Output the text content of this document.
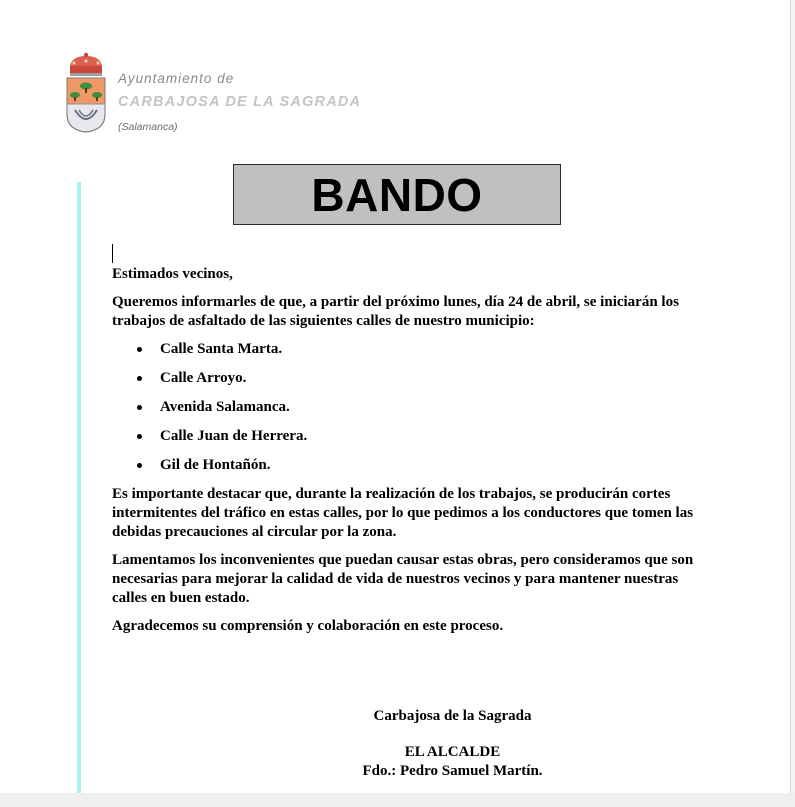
Ayuntamiento de
CARBAJOSA DE LA SAGRADA
(Salamanca)
BANDO

Estimados vecinos,

Queremos informarles de que, a partir del próximo lunes, día 24 de abril, se iniciarán los trabajos de asfaltado de las siguientes calles de nuestro municipio:

Calle Santa Marta.
Calle Arroyo.
Avenida Salamanca.
Calle Juan de Herrera.
Gil de Hontañón.

Es importante destacar que, durante la realización de los trabajos, se producirán cortes intermitentes del tráfico en estas calles, por lo que pedimos a los conductores que tomen las debidas precauciones al circular por la zona.

Lamentamos los inconvenientes que puedan causar estas obras, pero consideramos que son necesarias para mejorar la calidad de vida de nuestros vecinos y para mantener nuestras calles en buen estado.

Agradecemos su comprensión y colaboración en este proceso.

Carbajosa de la Sagrada
EL ALCALDE
Fdo.: Pedro Samuel Martín.
